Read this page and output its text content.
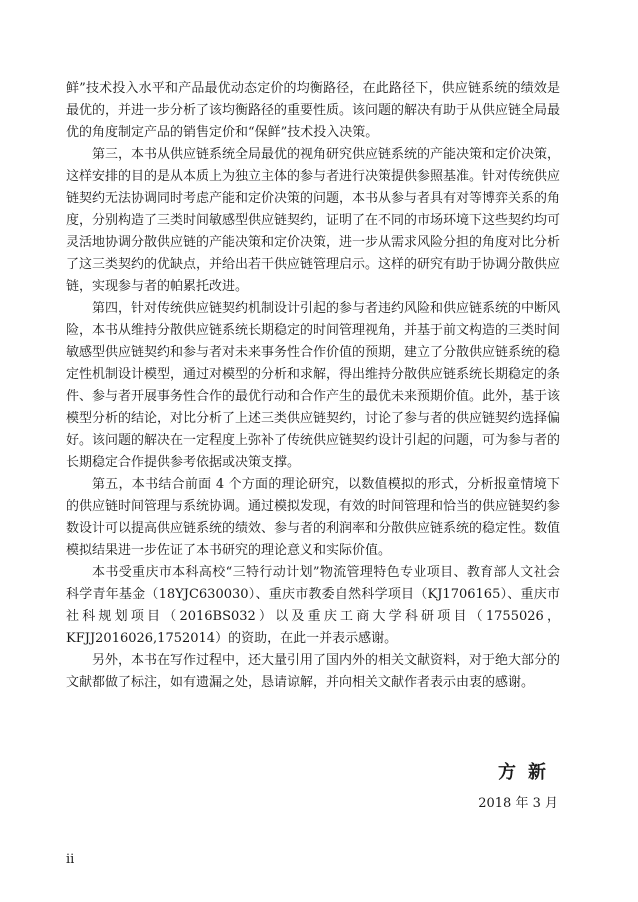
鲜”技术投入水平和产品最优动态定价的均衡路径，在此路径下，供应链系统的绩效是最优的，并进一步分析了该均衡路径的重要性质。该问题的解决有助于从供应链全局最优的角度制定产品的销售定价和“保鲜”技术投入决策。

第三，本书从供应链系统全局最优的视角研究供应链系统的产能决策和定价决策，这样安排的目的是从本质上为独立主体的参与者进行决策提供参照基准。针对传统供应链契约无法协调同时考虑产能和定价决策的问题，本书从参与者具有对等博弈关系的角度，分别构造了三类时间敏感型供应链契约，证明了在不同的市场环境下这些契约均可灵活地协调分散供应链的产能决策和定价决策，进一步从需求风险分担的角度对比分析了这三类契约的优缺点，并给出若干供应链管理启示。这样的研究有助于协调分散供应链，实现参与者的帕累托改进。

第四，针对传统供应链契约机制设计引起的参与者违约风险和供应链系统的中断风险，本书从维持分散供应链系统长期稳定的时间管理视角，并基于前文构造的三类时间敏感型供应链契约和参与者对未来事务性合作价值的预期，建立了分散供应链系统的稳定性机制设计模型，通过对模型的分析和求解，得出维持分散供应链系统长期稳定的条件、参与者开展事务性合作的最优行动和合作产生的最优未来预期价值。此外，基于该模型分析的结论，对比分析了上述三类供应链契约，讨论了参与者的供应链契约选择偏好。该问题的解决在一定程度上弥补了传统供应链契约设计引起的问题，可为参与者的长期稳定合作提供参考依据或决策支撑。

第五，本书结合前面 4 个方面的理论研究，以数值模拟的形式，分析报童情境下的供应链时间管理与系统协调。通过模拟发现，有效的时间管理和恰当的供应链契约参数设计可以提高供应链系统的绩效、参与者的利润率和分散供应链系统的稳定性。数值模拟结果进一步佐证了本书研究的理论意义和实际价值。

本书受重庆市本科高校“三特行动计划”物流管理特色专业项目、教育部人文社会科学青年基金（18YJC630030）、重庆市教委自然科学项目（KJ1706165）、重庆市社科规划项目（2016BS032）以及重庆工商大学科研项目（1755026，KFJJ2016026,1752014）的资助，在此一并表示感谢。

另外，本书在写作过程中，还大量引用了国内外的相关文献资料，对于绝大部分的文献都做了标注，如有遗漏之处，恳请谅解，并向相关文献作者表示由衷的感谢。

方新
2018 年 3 月
ii
